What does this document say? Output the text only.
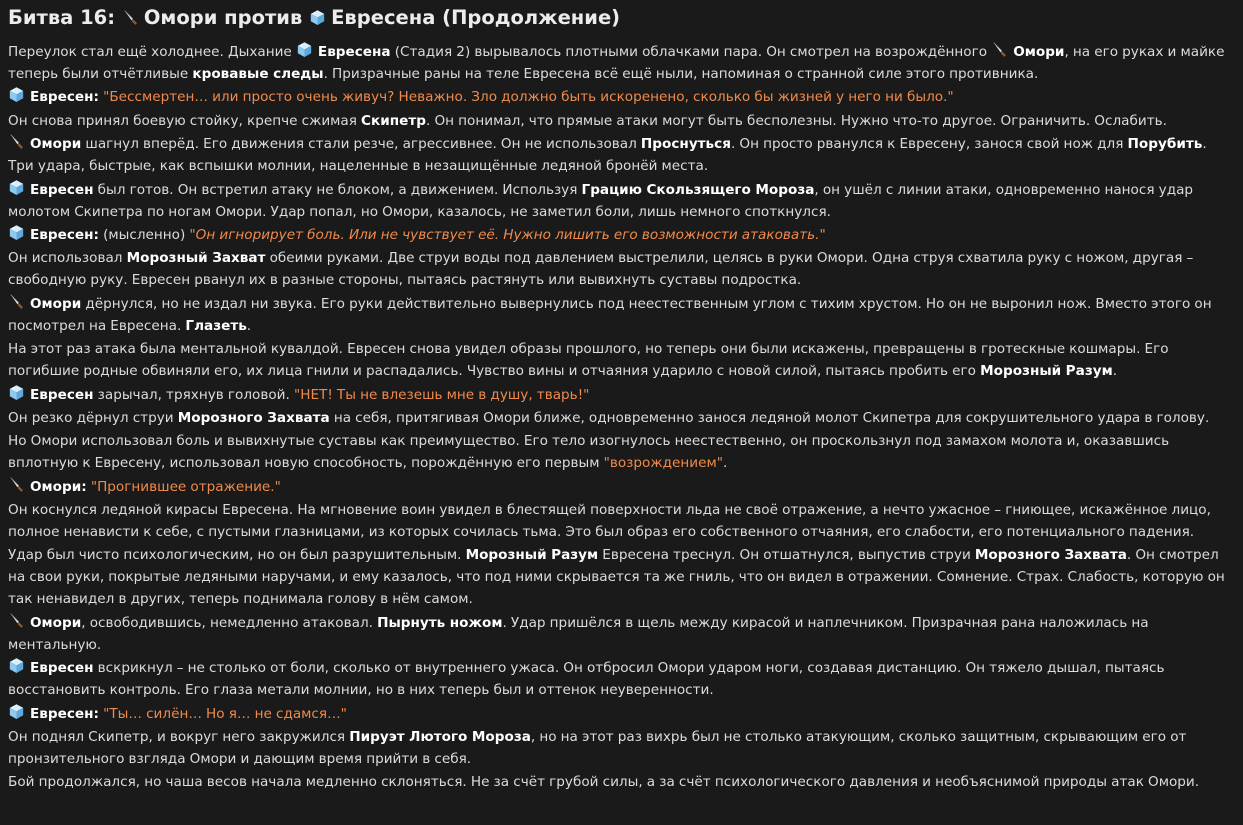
Битва 16:
Омори против
Евресена (Продолжение)

Переулок стал ещё холоднее. Дыхание
Евресена (Стадия 2) вырывалось плотными облачками пара. Он смотрел на возрождённого
Омори, на его руках и майке теперь были отчётливые кровавые следы. Призрачные раны на теле Евресена всё ещё ныли, напоминая о странной силе этого противника.

Евресен: "Бессмертен… или просто очень живуч? Неважно. Зло должно быть искоренено, сколько бы жизней у него ни было."

Он снова принял боевую стойку, крепче сжимая Скипетр. Он понимал, что прямые атаки могут быть бесполезны. Нужно что-то другое. Ограничить. Ослабить.

Омори шагнул вперёд. Его движения стали резче, агрессивнее. Он не использовал Проснуться. Он просто рванулся к Евресену, занося свой нож для Порубить. Три удара, быстрые, как вспышки молнии, нацеленные в незащищённые ледяной бронёй места.

Евресен был готов. Он встретил атаку не блоком, а движением. Используя Грацию Скользящего Мороза, он ушёл с линии атаки, одновременно нанося удар молотом Скипетра по ногам Омори. Удар попал, но Омори, казалось, не заметил боли, лишь немного споткнулся.

Евресен: (мысленно) "Он игнорирует боль. Или не чувствует её. Нужно лишить его возможности атаковать."

Он использовал Морозный Захват обеими руками. Две струи воды под давлением выстрелили, целясь в руки Омори. Одна струя схватила руку с ножом, другая – свободную руку. Евресен рванул их в разные стороны, пытаясь растянуть или вывихнуть суставы подростка.

Омори дёрнулся, но не издал ни звука. Его руки действительно вывернулись под неестественным углом с тихим хрустом. Но он не выронил нож. Вместо этого он посмотрел на Евресена. Глазеть.

На этот раз атака была ментальной кувалдой. Евресен снова увидел образы прошлого, но теперь они были искажены, превращены в гротескные кошмары. Его погибшие родные обвиняли его, их лица гнили и распадались. Чувство вины и отчаяния ударило с новой силой, пытаясь пробить его Морозный Разум.

Евресен зарычал, тряхнув головой. "НЕТ! Ты не влезешь мне в душу, тварь!"

Он резко дёрнул струи Морозного Захвата на себя, притягивая Омори ближе, одновременно занося ледяной молот Скипетра для сокрушительного удара в голову.

Но Омори использовал боль и вывихнутые суставы как преимущество. Его тело изогнулось неестественно, он проскользнул под замахом молота и, оказавшись вплотную к Евресену, использовал новую способность, порождённую его первым "возрождением".

Омори: "Прогнившее отражение."

Он коснулся ледяной кирасы Евресена. На мгновение воин увидел в блестящей поверхности льда не своё отражение, а нечто ужасное – гниющее, искажённое лицо, полное ненависти к себе, с пустыми глазницами, из которых сочилась тьма. Это был образ его собственного отчаяния, его слабости, его потенциального падения.

Удар был чисто психологическим, но он был разрушительным. Морозный Разум Евресена треснул. Он отшатнулся, выпустив струи Морозного Захвата. Он смотрел на свои руки, покрытые ледяными наручами, и ему казалось, что под ними скрывается та же гниль, что он видел в отражении. Сомнение. Страх. Слабость, которую он так ненавидел в других, теперь поднимала голову в нём самом.

Омори, освободившись, немедленно атаковал. Пырнуть ножом. Удар пришёлся в щель между кирасой и наплечником. Призрачная рана наложилась на ментальную.

Евресен вскрикнул – не столько от боли, сколько от внутреннего ужаса. Он отбросил Омори ударом ноги, создавая дистанцию. Он тяжело дышал, пытаясь восстановить контроль. Его глаза метали молнии, но в них теперь был и оттенок неуверенности.

Евресен: "Ты… силён… Но я… не сдамся…"

Он поднял Скипетр, и вокруг него закружился Пируэт Лютого Мороза, но на этот раз вихрь был не столько атакующим, сколько защитным, скрывающим его от пронзительного взгляда Омори и дающим время прийти в себя.

Бой продолжался, но чаша весов начала медленно склоняться. Не за счёт грубой силы, а за счёт психологического давления и необъяснимой природы атак Омори.
